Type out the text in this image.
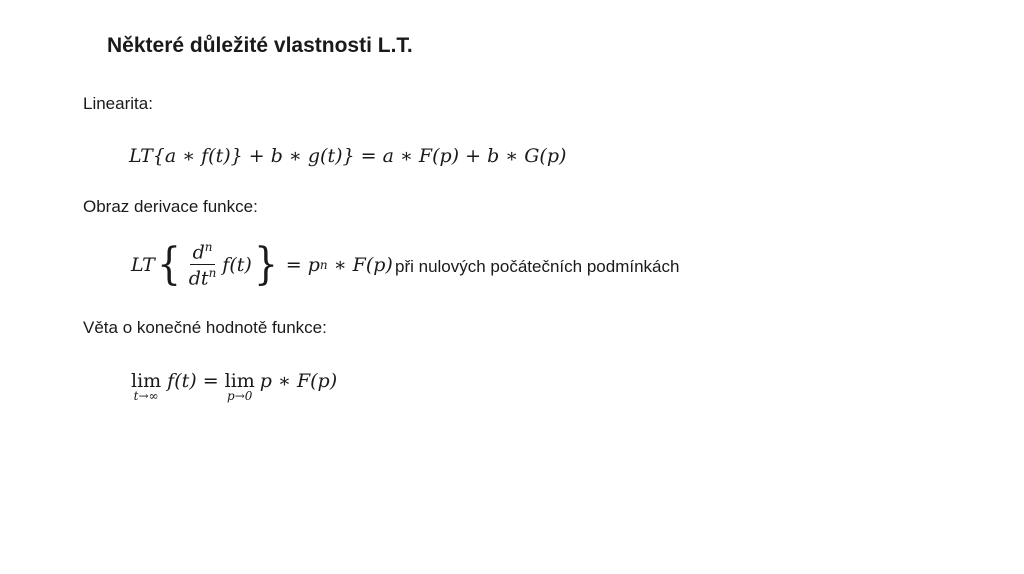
Některé důležité vlastnosti L.T.
Linearita:
LT{a ∗ f(t)} + b ∗ g(t)} = a ∗ F(p) + b ∗ G(p)
Obraz derivace funkce:
LT { $\frac{d^n}{dt^n} f(t)$ } = p n ∗ F(p) při nulových počátečních podmínkách
Věta o konečné hodnotě funkce:
lim
t→∞
f(t) = lim
p→0
p ∗ F(p)
